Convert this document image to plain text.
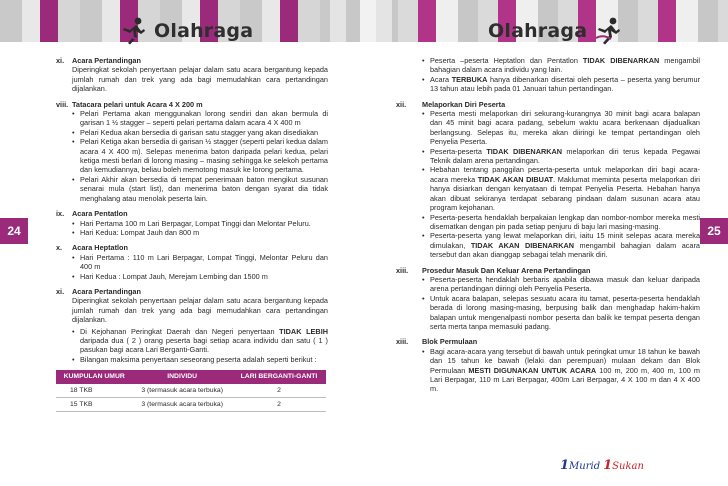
Olahraga	Olahraga
24	25
xi.	Acara Pertandingan

Diperingkat sekolah penyertaan pelajar dalam satu acara bergantung kepada jumlah rumah dan trek yang ada bagi memudahkan cara pertandingan dijalankan.

viii. Tatacara pelari untuk Acara 4 X 200 m
• Pelari Pertama akan menggunakan lorong sendiri dan akan bermula di garisan 1 ½ stagger – seperti pelari pertama dalam acara 4 X 400 m
• Pelari Kedua akan bersedia di garisan satu stagger yang akan disediakan
• Pelari Ketiga akan bersedia di garisan ½ stagger (seperti pelari kedua dalam acara 4 X 400 m). Selepas menerima baton daripada pelari kedua, pelari ketiga mesti berlari di lorong masing – masing sehingga ke selekoh pertama dan kemudiannya, beliau boleh memotong masuk ke lorong pertama.
• Pelari Akhir akan bersedia di tempat penerimaan baton mengikut susunan senarai mula (start list), dan menerima baton dengan syarat dia tidak menghalang atau menolak peserta lain.
ix.	Acara Pentatlon
• Hari Pertama 100 m Lari Berpagar, Lompat Tinggi dan Melontar Peluru.
• Hari Kedua: Lompat Jauh dan 800 m
x.	Acara Heptatlon
• Hari Pertama : 110 m Lari Berpagar, Lompat Tinggi, Melontar Peluru dan 400 m
• Hari Kedua : Lompat Jauh, Merejam Lembing dan 1500 m
xi.	Acara Pertandingan

Diperingkat sekolah penyertaan pelajar dalam satu acara bergantung kepada jumlah rumah dan trek yang ada bagi memudahkan cara pertandingan dijalankan.

• Di Kejohanan Peringkat Daerah dan Negeri penyertaan TIDAK LEBIH daripada dua ( 2 ) orang peserta bagi setiap acara individu dan satu ( 1 ) pasukan bagi acara Lari Berganti-Ganti.
• Bilangan maksima penyertaan seseorang peserta adalah seperti berikut :
KUMPULAN UMUR	INDIVIDU	LARI BERGANTI-GANTI
18 TKB	3 (termasuk acara terbuka)	2
15 TKB	3 (termasuk acara terbuka)	2
• Peserta –peserta Heptatlon dan Pentatlon TIDAK DIBENARKAN mengambil bahagian dalam acara individu yang lain.
• Acara TERBUKA hanya dibenarkan disertai oleh peserta – peserta yang berumur 13 tahun atau lebih pada 01 Januari tahun pertandingan.
xii.	Melaporkan Diri Peserta
• Peserta mesti melaporkan diri sekurang-kurangnya 30 minit bagi acara balapan dan 45 minit bagi acara padang, sebelum waktu acara berkenaan dijadualkan berlangsung. Selepas itu, mereka akan diiringi ke tempat pertandingan oleh Penyelia Peserta.
• Peserta-peserta TIDAK DIBENARKAN melaporkan diri terus kepada Pegawai Teknik dalam arena pertandingan.
• Hebahan tentang panggilan peserta-peserta untuk melaporkan diri bagi acara-acara mereka TIDAK AKAN DIBUAT. Maklumat meminta peserta melaporkan diri hanya disiarkan dengan kenyataan di tempat Penyelia Peserta. Hebahan hanya akan dibuat sekiranya terdapat sebarang pindaan dalam susunan acara atau program kejohanan.
• Peserta-peserta hendaklah berpakaian lengkap dan nombor-nombor mereka mesti disematkan dengan pin pada setiap penjuru di baju lari masing-masing.
• Peserta-peserta yang lewat melaporkan diri, iaitu 15 minit selepas acara mereka dimulakan, TIDAK AKAN DIBENARKAN mengambil bahagian dalam acara tersebut dan akan dianggap sebagai telah menarik diri.
xiii.	Prosedur Masuk Dan Keluar Arena Pertandingan
• Peserta-peserta hendaklah berbaris apabila dibawa masuk dan keluar daripada arena pertandingan diiringi oleh Penyelia Peserta.
• Untuk acara balapan, selepas sesuatu acara itu tamat, peserta-peserta hendaklah berada di lorong masing-masing, berpusing balik dan menghadap hakim-hakim balapan untuk mengenalpasti nombor peserta dan balik ke tempat peserta dengan serta merta tanpa memasuki padang.
xiii.	Blok Permulaan
• Bagi acara-acara yang tersebut di bawah untuk peringkat umur 18 tahun ke bawah dan 15 tahun ke bawah (lelaki dan perempuan) mulaan dekam dan Blok Permulaan MESTI DIGUNAKAN UNTUK ACARA 100 m, 200 m, 400 m, 100 m Lari Berpagar, 110 m Lari Berpagar, 400m Lari Berpagar, 4 X 100 m dan 4 X 400 m.
1 Murid 1 Sukan
